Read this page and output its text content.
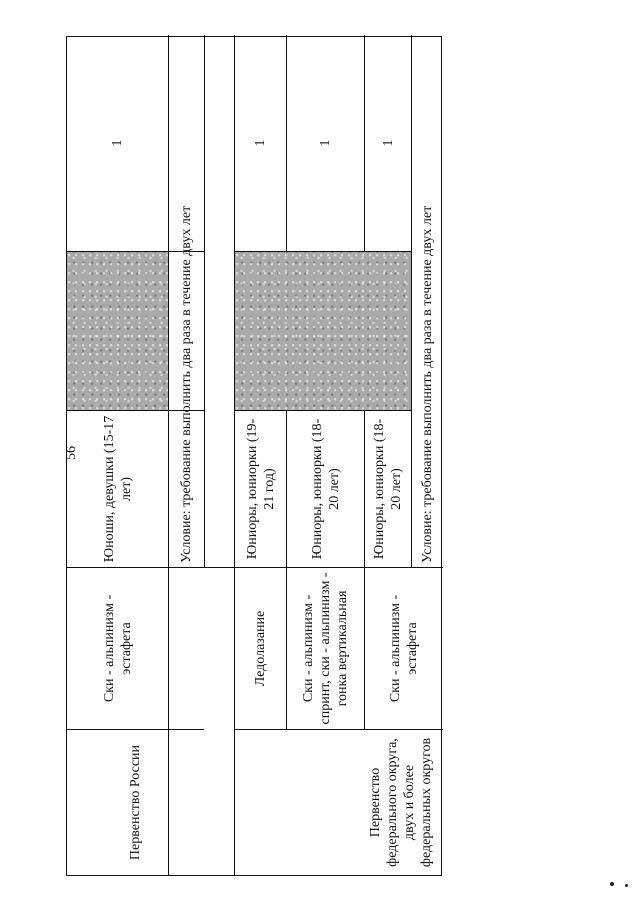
56
Первенство России
Ски - альпинизм - эстафета
Юноши, девушки (15-17 лет)
1
Условие: требование выполнить два раза в течение двух лет
Первенство федерального округа, двух и более федеральных округов
Ледолазание
Юниоры, юниорки (19-21 год)
1
Ски - альпинизм - спринт, ски - альпинизм - гонка вертикальная
Юниоры, юниорки (18-20 лет)
1
Ски - альпинизм - эстафета
Юниоры, юниорки (18-20 лет)
1
Условие: требование выполнить два раза в течение двух лет
